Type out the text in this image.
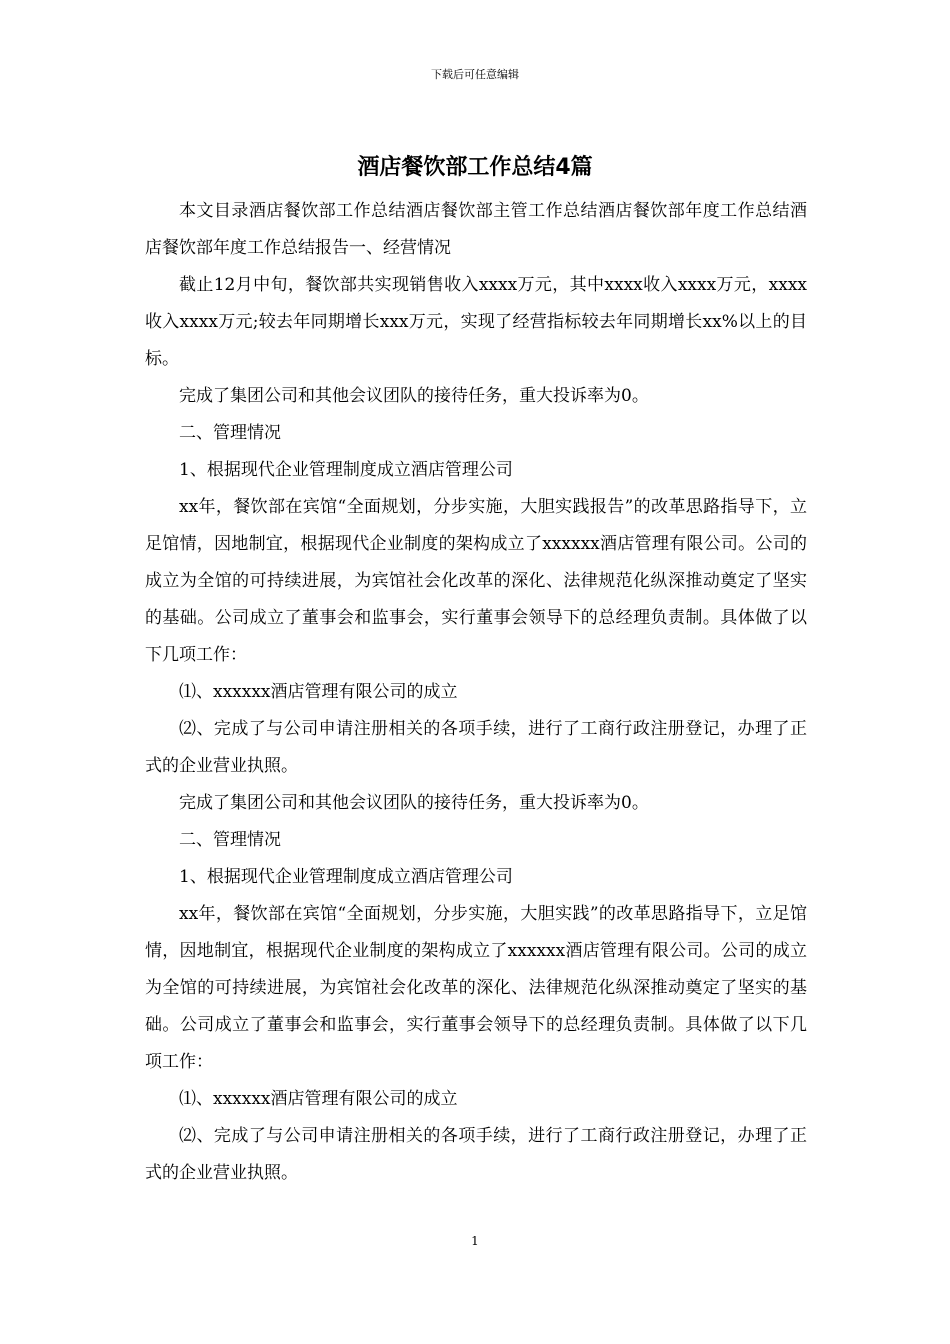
下载后可任意编辑
酒店餐饮部工作总结4篇

本文目录酒店餐饮部工作总结酒店餐饮部主管工作总结酒店餐饮部年度工作总结酒店餐饮部年度工作总结报告一、经营情况

截止12月中旬，餐饮部共实现销售收入xxxx万元，其中xxxx收入xxxx万元，xxxx收入xxxx万元;较去年同期增长xxx万元，实现了经营指标较去年同期增长xx%以上的目标。

完成了集团公司和其他会议团队的接待任务，重大投诉率为0。

二、管理情况

1、根据现代企业管理制度成立酒店管理公司

xx年，餐饮部在宾馆“全面规划，分步实施，大胆实践报告”的改革思路指导下，立足馆情，因地制宜，根据现代企业制度的架构成立了xxxxxx酒店管理有限公司。公司的成立为全馆的可持续进展，为宾馆社会化改革的深化、法律规范化纵深推动奠定了坚实的基础。公司成立了董事会和监事会，实行董事会领导下的总经理负责制。具体做了以下几项工作：

⑴、xxxxxx酒店管理有限公司的成立

⑵、完成了与公司申请注册相关的各项手续，进行了工商行政注册登记，办理了正式的企业营业执照。

完成了集团公司和其他会议团队的接待任务，重大投诉率为0。

二、管理情况

1、根据现代企业管理制度成立酒店管理公司

xx年，餐饮部在宾馆“全面规划，分步实施，大胆实践”的改革思路指导下，立足馆情，因地制宜，根据现代企业制度的架构成立了xxxxxx酒店管理有限公司。公司的成立为全馆的可持续进展，为宾馆社会化改革的深化、法律规范化纵深推动奠定了坚实的基础。公司成立了董事会和监事会，实行董事会领导下的总经理负责制。具体做了以下几项工作：

⑴、xxxxxx酒店管理有限公司的成立

⑵、完成了与公司申请注册相关的各项手续，进行了工商行政注册登记，办理了正式的企业营业执照。

1
